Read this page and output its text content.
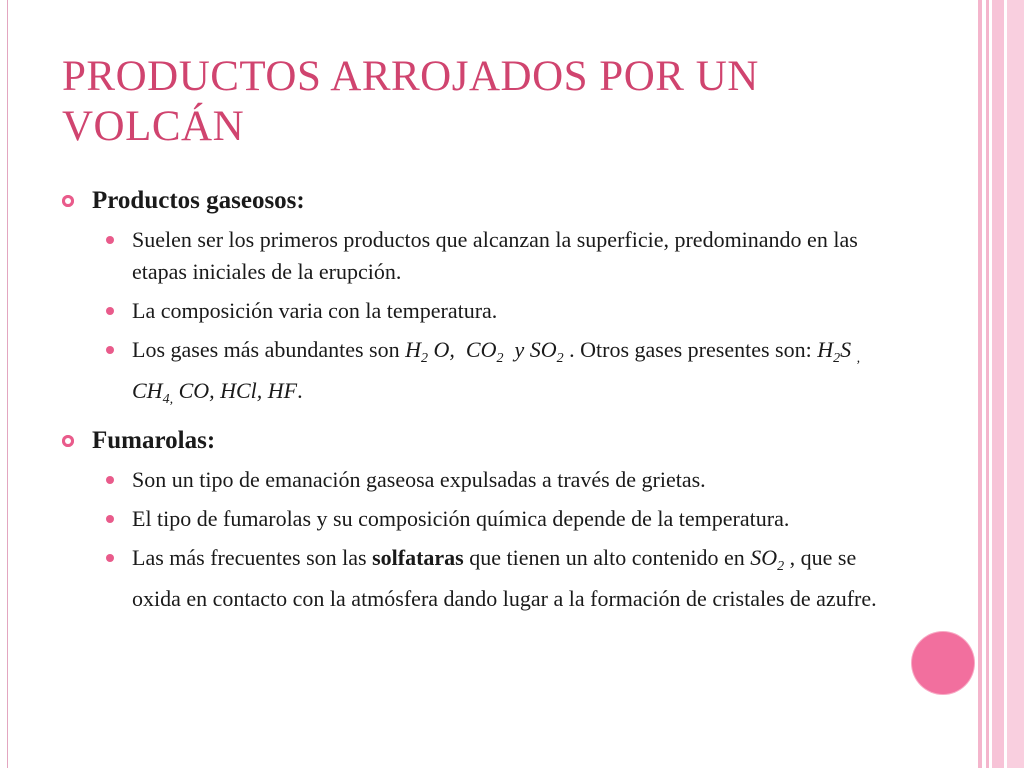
PRODUCTOS ARROJADOS POR UN VOLCÁN

Productos gaseosos:

Suelen ser los primeros productos que alcanzan la superficie, predominando en las etapas iniciales de la erupción.
La composición varia con la temperatura.
Los gases más abundantes son $H_2$ O, $CO_2$ y $SO_2$ . Otros gases presentes son: $H_2S$ $_,$ $CH_{4,}$ CO, HCl, HF.

Fumarolas:

Son un tipo de emanación gaseosa expulsadas a través de grietas.
El tipo de fumarolas y su composición química depende de la temperatura.
Las más frecuentes son las solfataras que tienen un alto contenido en $SO_2$ , que se oxida en contacto con la atmósfera dando lugar a la formación de cristales de azufre.
